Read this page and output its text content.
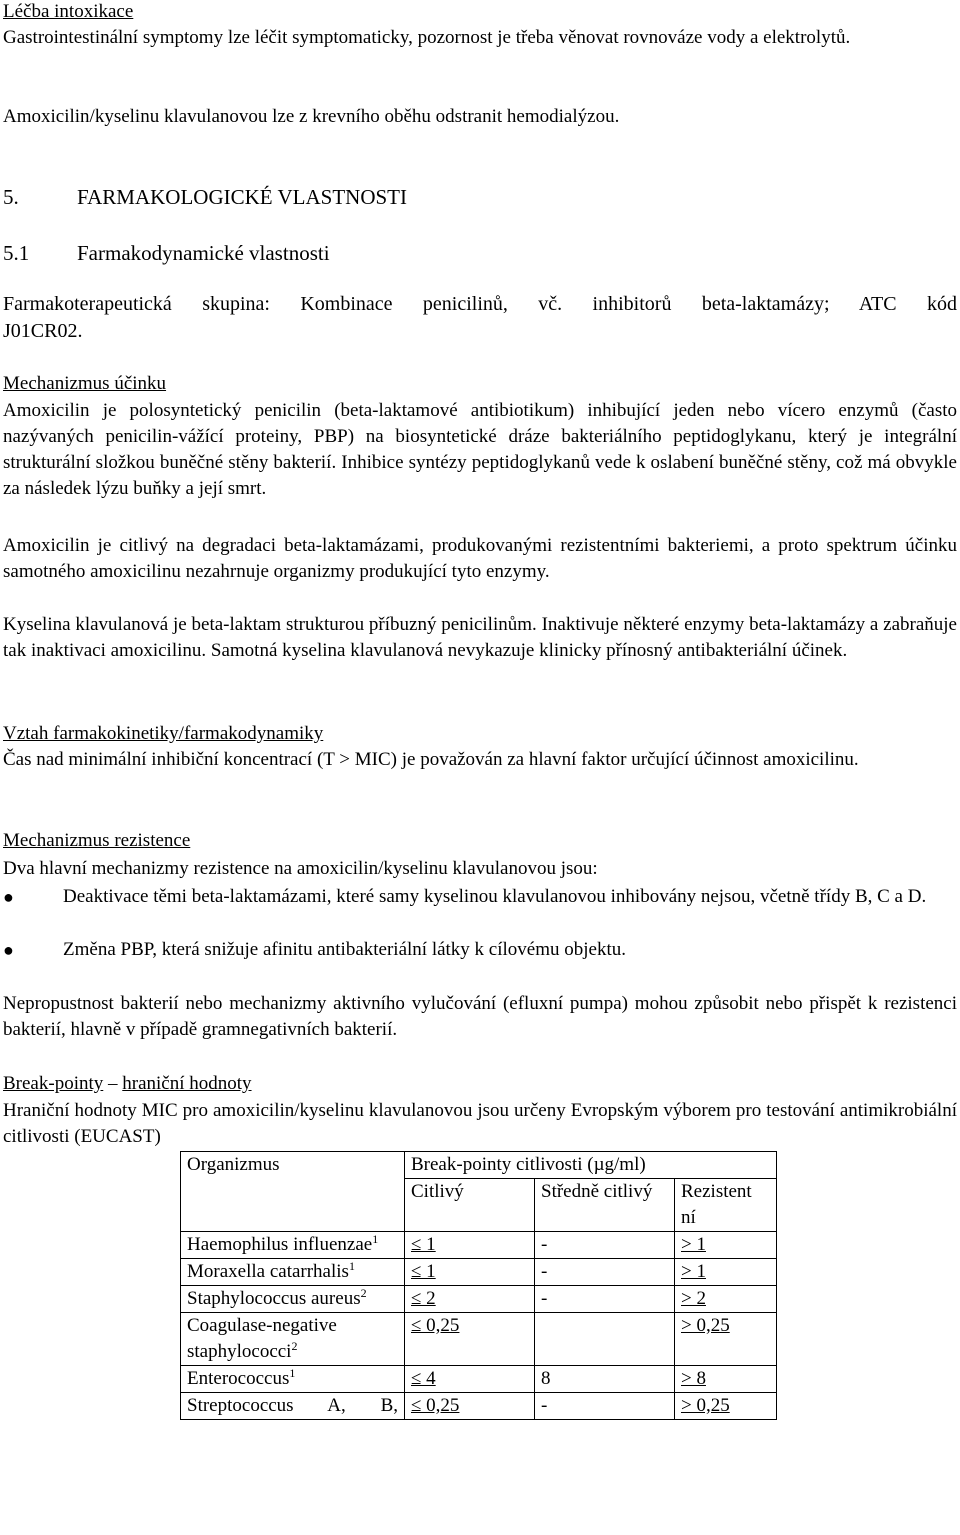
Léčba intoxikace
Gastrointestinální symptomy lze léčit symptomaticky, pozornost je třeba věnovat rovnováze vody a elektrolytů.
Amoxicilin/kyselinu klavulanovou lze z krevního oběhu odstranit hemodialýzou.
5.	FARMAKOLOGICKÉ VLASTNOSTI
5.1 Farmakodynamické vlastnosti
Farmakoterapeutická skupina: Kombinace penicilinů, vč. inhibitorů beta-laktamázy; ATC kód
J01CR02.
Mechanizmus účinku
Amoxicilin je polosyntetický penicilin (beta-laktamové antibiotikum) inhibující jeden nebo vícero enzymů (často nazývaných penicilin-vážící proteiny, PBP) na biosyntetické dráze bakteriálního peptidoglykanu, který je integrální strukturální složkou buněčné stěny bakterií. Inhibice syntézy peptidoglykanů vede k oslabení buněčné stěny, což má obvykle za následek lýzu buňky a její smrt.
Amoxicilin je citlivý na degradaci beta-laktamázami, produkovanými rezistentními bakteriemi, a proto spektrum účinku samotného amoxicilinu nezahrnuje organizmy produkující tyto enzymy.
Kyselina klavulanová je beta-laktam strukturou příbuzný penicilinům. Inaktivuje některé enzymy beta-laktamázy a zabraňuje tak inaktivaci amoxicilinu. Samotná kyselina klavulanová nevykazuje klinicky přínosný antibakteriální účinek.
Vztah farmakokinetiky/farmakodynamiky
Čas nad minimální inhibiční koncentrací (T > MIC) je považován za hlavní faktor určující účinnost amoxicilinu.
Mechanizmus rezistence
Dva hlavní mechanizmy rezistence na amoxicilin/kyselinu klavulanovou jsou:
●	Deaktivace těmi beta-laktamázami, které samy kyselinou klavulanovou inhibovány nejsou, včetně třídy B, C a D.
●	Změna PBP, která snižuje afinitu antibakteriální látky k cílovému objektu.
Nepropustnost bakterií nebo mechanizmy aktivního vylučování (efluxní pumpa) mohou způsobit nebo přispět k rezistenci bakterií, hlavně v případě gramnegativních bakterií.
Break-pointy – hraniční hodnoty
Hraniční hodnoty MIC pro amoxicilin/kyselinu klavulanovou jsou určeny Evropským výborem pro testování antimikrobiální citlivosti (EUCAST)
Organizmus	Break-pointy citlivosti (µg/ml)		
	Citlivý	Středně citlivý	Rezistent ní
Haemophilus influenzae$^1$	≤ 1	-	> 1
Moraxella catarrhalis$^1$	≤ 1	-	> 1
Staphylococcus aureus$^2$	≤ 2	-	> 2
Coagulase-negative staphylococci$^2$	≤ 0,25		> 0,25
Enterococcus$^1$	≤ 4	8	> 8
Streptococcus A, B,	≤ 0,25	-	> 0,25
